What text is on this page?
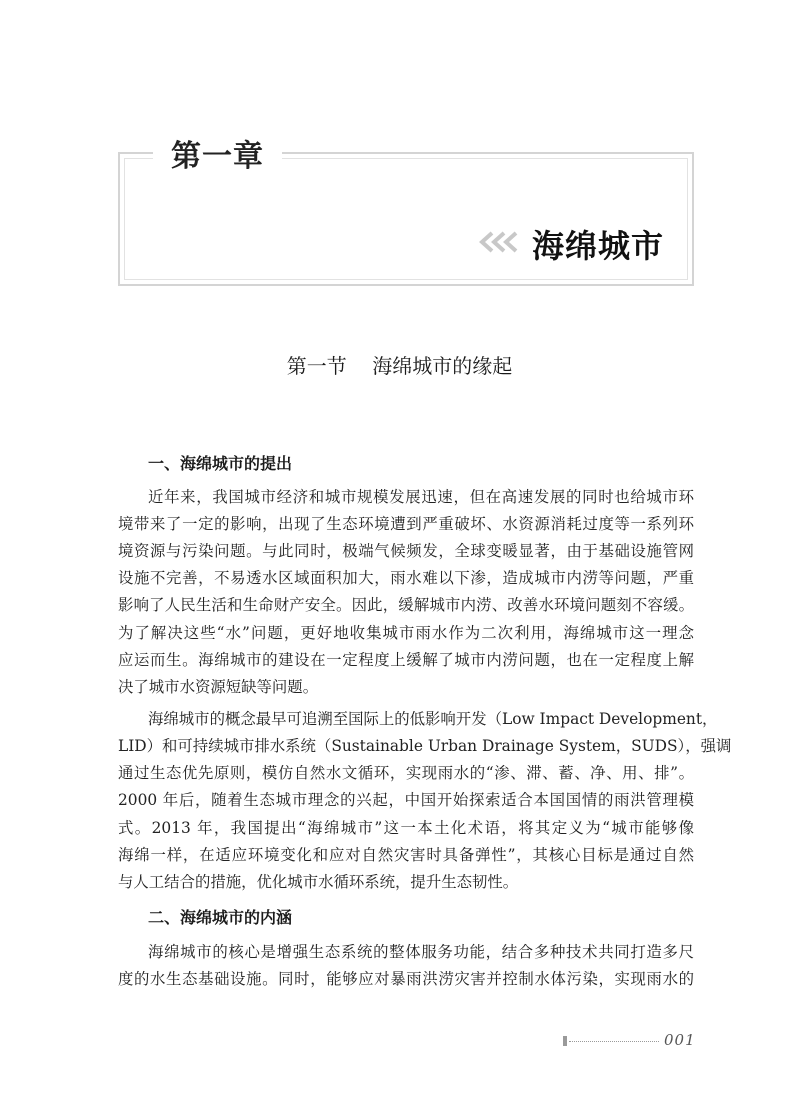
第一章
海绵城市
第一节 海绵城市的缘起
一、海绵城市的提出
近年来，我国城市经济和城市规模发展迅速，但在高速发展的同时也给城市环
境带来了一定的影响，出现了生态环境遭到严重破坏、水资源消耗过度等一系列环
境资源与污染问题。与此同时，极端气候频发，全球变暖显著，由于基础设施管网
设施不完善，不易透水区域面积加大，雨水难以下渗，造成城市内涝等问题，严重
影响了人民生活和生命财产安全。因此，缓解城市内涝、改善水环境问题刻不容缓。
为了解决这些“水”问题，更好地收集城市雨水作为二次利用，海绵城市这一理念
应运而生。海绵城市的建设在一定程度上缓解了城市内涝问题，也在一定程度上解
决了城市水资源短缺等问题。
海绵城市的概念最早可追溯至国际上的低影响开发（Low Impact Development，
LID）和可持续城市排水系统（Sustainable Urban Drainage System，SUDS），强调
通过生态优先原则，模仿自然水文循环，实现雨水的“渗、滞、蓄、净、用、排”。
2000 年后，随着生态城市理念的兴起，中国开始探索适合本国国情的雨洪管理模
式。2013 年，我国提出“海绵城市”这一本土化术语，将其定义为“城市能够像
海绵一样，在适应环境变化和应对自然灾害时具备弹性”，其核心目标是通过自然
与人工结合的措施，优化城市水循环系统，提升生态韧性。
二、海绵城市的内涵
海绵城市的核心是增强生态系统的整体服务功能，结合多种技术共同打造多尺
度的水生态基础设施。同时，能够应对暴雨洪涝灾害并控制水体污染，实现雨水的
001
